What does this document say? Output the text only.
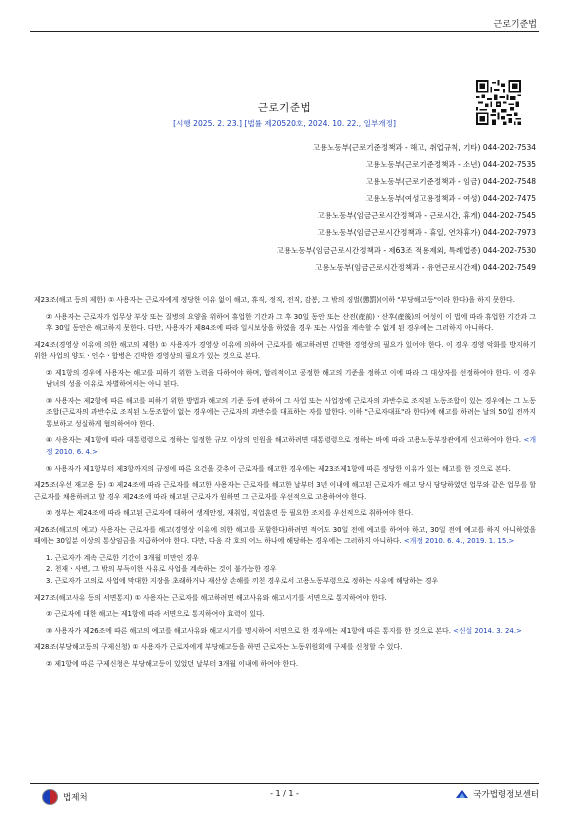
근로기준법
근로기준법
[시행 2025. 2. 23.] [법률 제20520호, 2024. 10. 22., 일부개정]
고용노동부(근로기준정책과 - 해고, 취업규칙, 기타) 044-202-7534
고용노동부(근로기준정책과 - 소년) 044-202-7535
고용노동부(근로기준정책과 - 임금) 044-202-7548
고용노동부(여성고용정책과 - 여성) 044-202-7475
고용노동부(임금근로시간정책과 - 근로시간, 휴게) 044-202-7545
고용노동부(임금근로시간정책과 - 휴일, 연차휴가) 044-202-7973
고용노동부(임금근로시간정책과 - 제63조 적용제외, 특례업종) 044-202-7530
고용노동부(임금근로시간정책과 - 유연근로시간제) 044-202-7549

제23조(해고 등의 제한) ① 사용자는 근로자에게 정당한 이유 없이 해고, 휴직, 정직, 전직, 감봉, 그 밖의 징벌(懲罰)(이하 "부당해고등"이라 한다)을 하지 못한다.

② 사용자는 근로자가 업무상 부상 또는 질병의 요양을 위하여 휴업한 기간과 그 후 30일 동안 또는 산전(産前)ㆍ산후(産後)의 여성이 이 법에 따라 휴업한 기간과 그 후 30일 동안은 해고하지 못한다. 다만, 사용자가 제84조에 따라 일시보상을 하였을 경우 또는 사업을 계속할 수 없게 된 경우에는 그러하지 아니하다.

제24조(경영상 이유에 의한 해고의 제한) ① 사용자가 경영상 이유에 의하여 근로자를 해고하려면 긴박한 경영상의 필요가 있어야 한다. 이 경우 경영 악화를 방지하기 위한 사업의 양도ㆍ인수ㆍ합병은 긴박한 경영상의 필요가 있는 것으로 본다.

② 제1항의 경우에 사용자는 해고를 피하기 위한 노력을 다하여야 하며, 합리적이고 공정한 해고의 기준을 정하고 이에 따라 그 대상자를 선정하여야 한다. 이 경우 남녀의 성을 이유로 차별하여서는 아니 된다.

③ 사용자는 제2항에 따른 해고를 피하기 위한 방법과 해고의 기준 등에 관하여 그 사업 또는 사업장에 근로자의 과반수로 조직된 노동조합이 있는 경우에는 그 노동조합(근로자의 과반수로 조직된 노동조합이 없는 경우에는 근로자의 과반수를 대표하는 자를 말한다. 이하 "근로자대표"라 한다)에 해고를 하려는 날의 50일 전까지 통보하고 성실하게 협의하여야 한다.

④ 사용자는 제1항에 따라 대통령령으로 정하는 일정한 규모 이상의 인원을 해고하려면 대통령령으로 정하는 바에 따라 고용노동부장관에게 신고하여야 한다. <개정 2010. 6. 4.>

⑤ 사용자가 제1항부터 제3항까지의 규정에 따른 요건을 갖추어 근로자를 해고한 경우에는 제23조제1항에 따른 정당한 이유가 있는 해고를 한 것으로 본다.

제25조(우선 재고용 등) ① 제24조에 따라 근로자를 해고한 사용자는 근로자를 해고한 날부터 3년 이내에 해고된 근로자가 해고 당시 담당하였던 업무와 같은 업무를 할 근로자를 채용하려고 할 경우 제24조에 따라 해고된 근로자가 원하면 그 근로자를 우선적으로 고용하여야 한다.

② 정부는 제24조에 따라 해고된 근로자에 대하여 생계안정, 재취업, 직업훈련 등 필요한 조치를 우선적으로 취하여야 한다.

제26조(해고의 예고) 사용자는 근로자를 해고(경영상 이유에 의한 해고를 포함한다)하려면 적어도 30일 전에 예고를 하여야 하고, 30일 전에 예고를 하지 아니하였을 때에는 30일분 이상의 통상임금을 지급하여야 한다. 다만, 다음 각 호의 어느 하나에 해당하는 경우에는 그러하지 아니하다. <개정 2010. 6. 4., 2019. 1. 15.>

1. 근로자가 계속 근로한 기간이 3개월 미만인 경우

2. 천재ㆍ사변, 그 밖의 부득이한 사유로 사업을 계속하는 것이 불가능한 경우

3. 근로자가 고의로 사업에 막대한 지장을 초래하거나 재산상 손해를 끼친 경우로서 고용노동부령으로 정하는 사유에 해당하는 경우

제27조(해고사유 등의 서면통지) ① 사용자는 근로자를 해고하려면 해고사유와 해고시기를 서면으로 통지하여야 한다.

② 근로자에 대한 해고는 제1항에 따라 서면으로 통지하여야 효력이 있다.

③ 사용자가 제26조에 따른 해고의 예고를 해고사유와 해고시기를 명시하여 서면으로 한 경우에는 제1항에 따른 통지를 한 것으로 본다. <신설 2014. 3. 24.>

제28조(부당해고등의 구제신청) ① 사용자가 근로자에게 부당해고등을 하면 근로자는 노동위원회에 구제를 신청할 수 있다.

② 제1항에 따른 구제신청은 부당해고등이 있었던 날부터 3개월 이내에 하여야 한다.

법제처	- 1 / 1 -	국가법령정보센터
